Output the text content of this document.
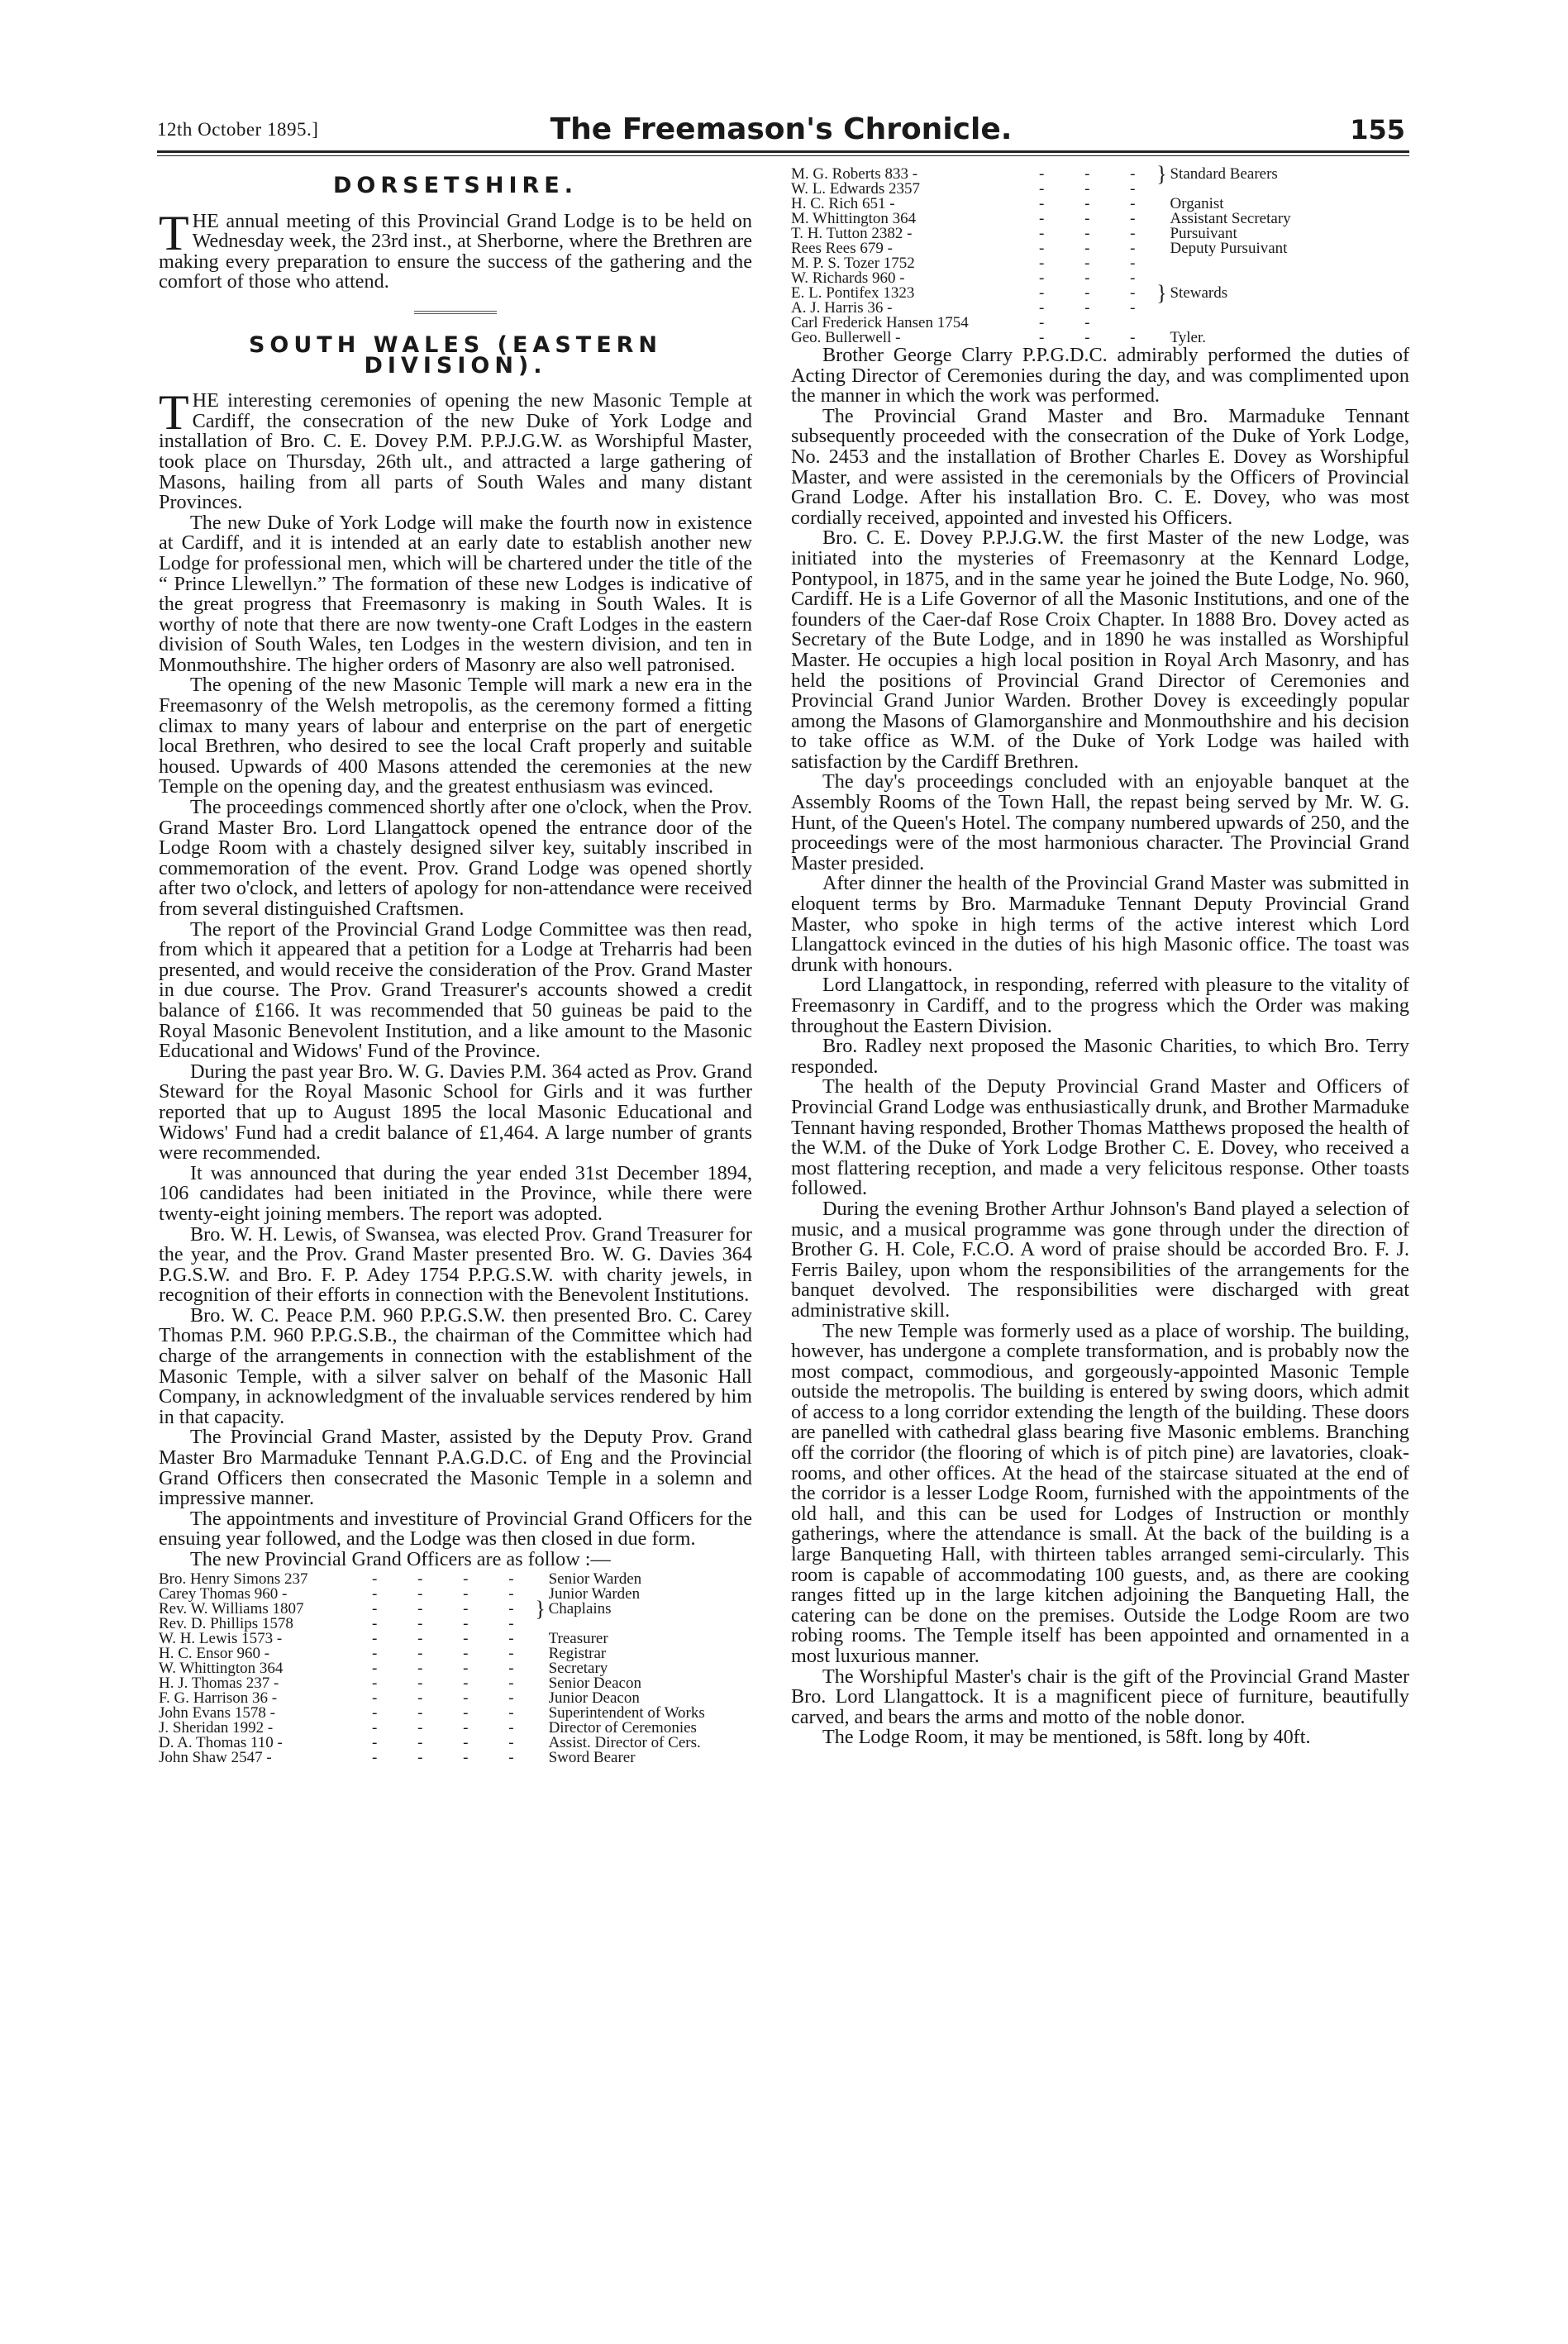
12th October 1895.]	The Freemason's Chronicle.	155
DORSETSHIRE.

THE annual meeting of this Provincial Grand Lodge is to be held on Wednesday week, the 23rd inst., at Sherborne, where the Brethren are making every preparation to ensure the success of the gathering and the comfort of those who attend.

SOUTH WALES (EASTERN DIVISION).

THE interesting ceremonies of opening the new Masonic Temple at Cardiff, the consecration of the new Duke of York Lodge and installation of Bro. C. E. Dovey P.M. P.P.J.G.W. as Worshipful Master, took place on Thursday, 26th ult., and attracted a large gathering of Masons, hailing from all parts of South Wales and many distant Provinces.

The new Duke of York Lodge will make the fourth now in existence at Cardiff, and it is intended at an early date to establish another new Lodge for professional men, which will be chartered under the title of the “ Prince Llewellyn.” The formation of these new Lodges is indicative of the great progress that Freemasonry is making in South Wales. It is worthy of note that there are now twenty-one Craft Lodges in the eastern division of South Wales, ten Lodges in the western division, and ten in Monmouthshire. The higher orders of Masonry are also well patronised.

The opening of the new Masonic Temple will mark a new era in the Freemasonry of the Welsh metropolis, as the ceremony formed a fitting climax to many years of labour and enterprise on the part of energetic local Brethren, who desired to see the local Craft properly and suitable housed. Upwards of 400 Masons attended the ceremonies at the new Temple on the opening day, and the greatest enthusiasm was evinced.

The proceedings commenced shortly after one o'clock, when the Prov. Grand Master Bro. Lord Llangattock opened the entrance door of the Lodge Room with a chastely designed silver key, suitably inscribed in commemoration of the event. Prov. Grand Lodge was opened shortly after two o'clock, and letters of apology for non-attendance were received from several distinguished Craftsmen.

The report of the Provincial Grand Lodge Committee was then read, from which it appeared that a petition for a Lodge at Treharris had been presented, and would receive the consideration of the Prov. Grand Master in due course. The Prov. Grand Treasurer's accounts showed a credit balance of £166. It was recommended that 50 guineas be paid to the Royal Masonic Benevolent Institution, and a like amount to the Masonic Educational and Widows' Fund of the Province.

During the past year Bro. W. G. Davies P.M. 364 acted as Prov. Grand Steward for the Royal Masonic School for Girls and it was further reported that up to August 1895 the local Masonic Educational and Widows' Fund had a credit balance of £1,464. A large number of grants were recommended.

It was announced that during the year ended 31st December 1894, 106 candidates had been initiated in the Province, while there were twenty-eight joining members. The report was adopted.

Bro. W. H. Lewis, of Swansea, was elected Prov. Grand Treasurer for the year, and the Prov. Grand Master presented Bro. W. G. Davies 364 P.G.S.W. and Bro. F. P. Adey 1754 P.P.G.S.W. with charity jewels, in recognition of their efforts in connection with the Benevolent Institutions.

Bro. W. C. Peace P.M. 960 P.P.G.S.W. then presented Bro. C. Carey Thomas P.M. 960 P.P.G.S.B., the chairman of the Committee which had charge of the arrangements in connection with the establishment of the Masonic Temple, with a silver salver on behalf of the Masonic Hall Company, in acknowledgment of the invaluable services rendered by him in that capacity.

The Provincial Grand Master, assisted by the Deputy Prov. Grand Master Bro Marmaduke Tennant P.A.G.D.C. of Eng and the Provincial Grand Officers then consecrated the Masonic Temple in a solemn and impressive manner.

The appointments and investiture of Provincial Grand Officers for the ensuing year followed, and the Lodge was then closed in due form.

The new Provincial Grand Officers are as follow :—

Bro. Henry Simons 237	- - - -		Senior Warden
Carey Thomas 960 -	- - - -		Junior Warden
Rev. W. Williams 1807	- - - -	}	Chaplains
Rev. D. Phillips 1578	- - - -		
W. H. Lewis 1573 -	- - - -		Treasurer
H. C. Ensor 960 -	- - - -		Registrar
W. Whittington 364	- - - -		Secretary
H. J. Thomas 237 -	- - - -		Senior Deacon
F. G. Harrison 36 -	- - - -		Junior Deacon
John Evans 1578 -	- - - -		Superintendent of Works
J. Sheridan 1992 -	- - - -		Director of Ceremonies
D. A. Thomas 110 -	- - - -		Assist. Director of Cers.
John Shaw 2547 -	- - - -		Sword Bearer
M. G. Roberts 833 -	- - -	}	Standard Bearers
W. L. Edwards 2357	- - -		
H. C. Rich 651 -	- - -		Organist
M. Whittington 364	- - -		Assistant Secretary
T. H. Tutton 2382 -	- - -		Pursuivant
Rees Rees 679 -	- - -		Deputy Pursuivant
M. P. S. Tozer 1752	- - -		
W. Richards 960 -	- - -		
E. L. Pontifex 1323	- - -	}	Stewards
A. J. Harris 36 -	- - -		
Carl Frederick Hansen 1754	- -		
Geo. Bullerwell -	- - -		Tyler.

Brother George Clarry P.P.G.D.C. admirably performed the duties of Acting Director of Ceremonies during the day, and was complimented upon the manner in which the work was performed.

The Provincial Grand Master and Bro. Marmaduke Tennant subsequently proceeded with the consecration of the Duke of York Lodge, No. 2453 and the installation of Brother Charles E. Dovey as Worshipful Master, and were assisted in the ceremonials by the Officers of Provincial Grand Lodge. After his installation Bro. C. E. Dovey, who was most cordially received, appointed and invested his Officers.

Bro. C. E. Dovey P.P.J.G.W. the first Master of the new Lodge, was initiated into the mysteries of Freemasonry at the Kennard Lodge, Pontypool, in 1875, and in the same year he joined the Bute Lodge, No. 960, Cardiff. He is a Life Governor of all the Masonic Institutions, and one of the founders of the Caer-daf Rose Croix Chapter. In 1888 Bro. Dovey acted as Secretary of the Bute Lodge, and in 1890 he was installed as Worshipful Master. He occupies a high local position in Royal Arch Masonry, and has held the positions of Provincial Grand Director of Ceremonies and Provincial Grand Junior Warden. Brother Dovey is exceedingly popular among the Masons of Glamorganshire and Monmouthshire and his decision to take office as W.M. of the Duke of York Lodge was hailed with satisfaction by the Cardiff Brethren.

The day's proceedings concluded with an enjoyable banquet at the Assembly Rooms of the Town Hall, the repast being served by Mr. W. G. Hunt, of the Queen's Hotel. The company numbered upwards of 250, and the proceedings were of the most harmonious character. The Provincial Grand Master presided.

After dinner the health of the Provincial Grand Master was submitted in eloquent terms by Bro. Marmaduke Tennant Deputy Provincial Grand Master, who spoke in high terms of the active interest which Lord Llangattock evinced in the duties of his high Masonic office. The toast was drunk with honours.

Lord Llangattock, in responding, referred with pleasure to the vitality of Freemasonry in Cardiff, and to the progress which the Order was making throughout the Eastern Division.

Bro. Radley next proposed the Masonic Charities, to which Bro. Terry responded.

The health of the Deputy Provincial Grand Master and Officers of Provincial Grand Lodge was enthusiastically drunk, and Brother Marmaduke Tennant having responded, Brother Thomas Matthews proposed the health of the W.M. of the Duke of York Lodge Brother C. E. Dovey, who received a most flattering reception, and made a very felicitous response. Other toasts followed.

During the evening Brother Arthur Johnson's Band played a selection of music, and a musical programme was gone through under the direction of Brother G. H. Cole, F.C.O. A word of praise should be accorded Bro. F. J. Ferris Bailey, upon whom the responsibilities of the arrangements for the banquet devolved. The responsibilities were discharged with great administrative skill.

The new Temple was formerly used as a place of worship. The building, however, has undergone a complete transformation, and is probably now the most compact, commodious, and gorgeously-appointed Masonic Temple outside the metropolis. The building is entered by swing doors, which admit of access to a long corridor extending the length of the building. These doors are panelled with cathedral glass bearing five Masonic emblems. Branching off the corridor (the flooring of which is of pitch pine) are lavatories, cloak-rooms, and other offices. At the head of the staircase situated at the end of the corridor is a lesser Lodge Room, furnished with the appointments of the old hall, and this can be used for Lodges of Instruction or monthly gatherings, where the attendance is small. At the back of the building is a large Banqueting Hall, with thirteen tables arranged semi-circularly. This room is capable of accommodating 100 guests, and, as there are cooking ranges fitted up in the large kitchen adjoining the Banqueting Hall, the catering can be done on the premises. Outside the Lodge Room are two robing rooms. The Temple itself has been appointed and ornamented in a most luxurious manner.

The Worshipful Master's chair is the gift of the Provincial Grand Master Bro. Lord Llangattock. It is a magnificent piece of furniture, beautifully carved, and bears the arms and motto of the noble donor.

The Lodge Room, it may be mentioned, is 58ft. long by 40ft.
